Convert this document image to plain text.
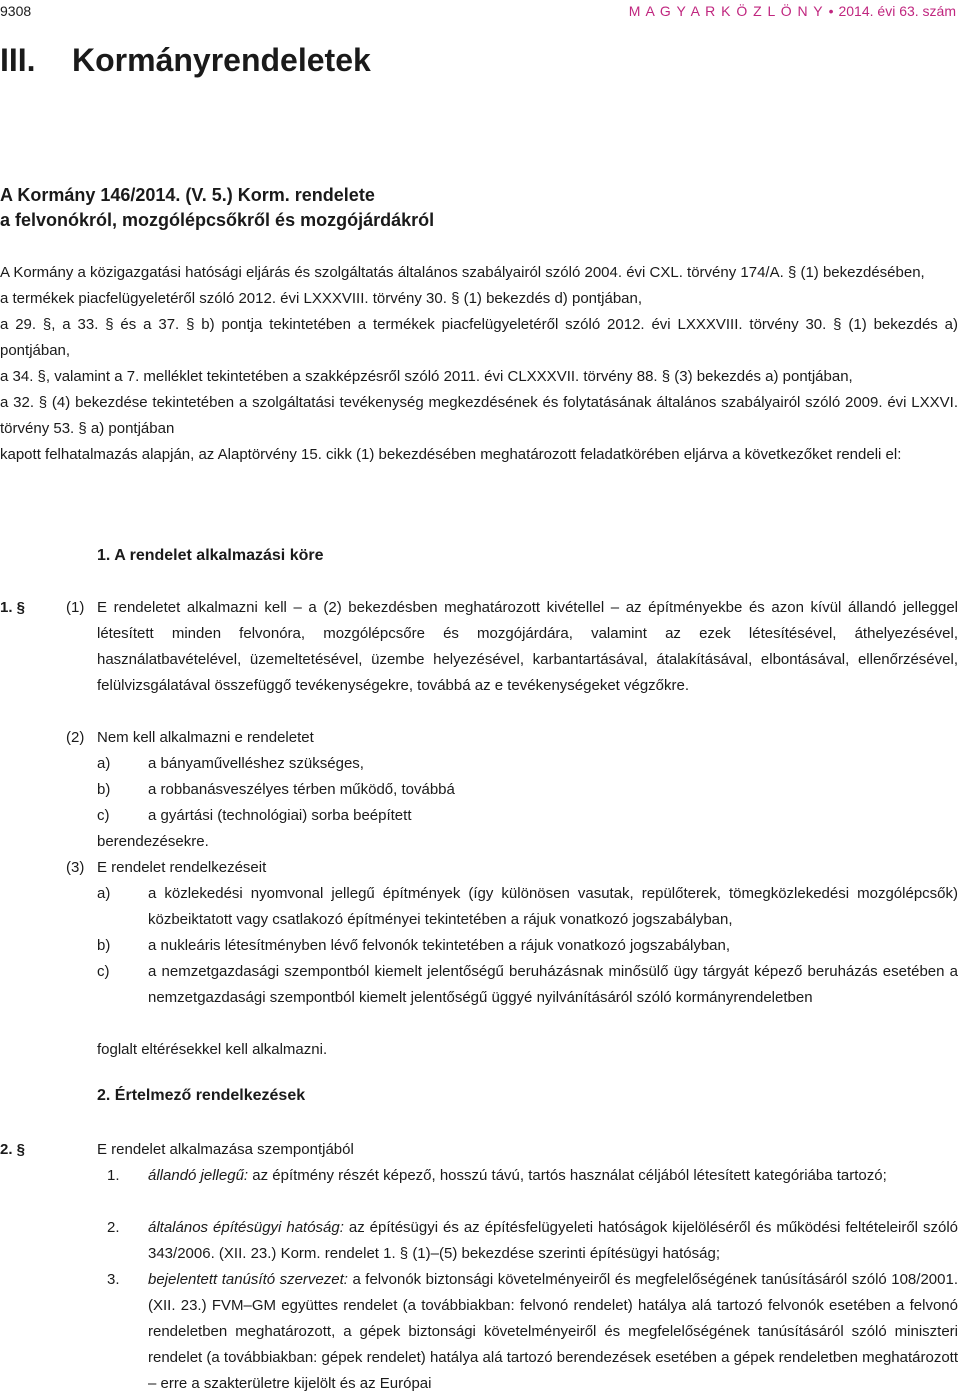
9308	M A G Y A R K Ö Z L Ö N Y • 2014. évi 63. szám
III. Kormányrendeletek
A Kormány 146/2014. (V. 5.) Korm. rendelete
a felvonókról, mozgólépcsőkről és mozgójárdákról

A Kormány a közigazgatási hatósági eljárás és szolgáltatás általános szabályairól szóló 2004. évi CXL. törvény 174/A. § (1) bekezdésében,

a termékek piacfelügyeletéről szóló 2012. évi LXXXVIII. törvény 30. § (1) bekezdés d) pontjában,

a 29. §, a 33. § és a 37. § b) pontja tekintetében a termékek piacfelügyeletéről szóló 2012. évi LXXXVIII. törvény 30. § (1) bekezdés a) pontjában,

a 34. §, valamint a 7. melléklet tekintetében a szakképzésről szóló 2011. évi CLXXXVII. törvény 88. § (3) bekezdés a) pontjában,

a 32. § (4) bekezdése tekintetében a szolgáltatási tevékenység megkezdésének és folytatásának általános szabályairól szóló 2009. évi LXXVI. törvény 53. § a) pontjában

kapott felhatalmazás alapján, az Alaptörvény 15. cikk (1) bekezdésében meghatározott feladatkörében eljárva a következőket rendeli el:

1. A rendelet alkalmazási köre
1. §	(1) E rendeletet alkalmazni kell – a (2) bekezdésben meghatározott kivétellel – az építményekbe és azon kívül állandó jelleggel létesített minden felvonóra, mozgólépcsőre és mozgójárdára, valamint az ezek létesítésével, áthelyezésével, használatbavételével, üzemeltetésével, üzembe helyezésével, karbantartásával, átalakításával, elbontásával, ellenőrzésével, felülvizsgálatával összefüggő tevékenységekre, továbbá az e tevékenységeket végzőkre.
(2) Nem kell alkalmazni e rendeletet
a)	a bányaművelléshez szükséges,
b)	a robbanásveszélyes térben működő, továbbá
c)	a gyártási (technológiai) sorba beépített
berendezésekre.
(3) E rendelet rendelkezéseit
a)	a közlekedési nyomvonal jellegű építmények (így különösen vasutak, repülőterek, tömegközlekedési mozgólépcsők) közbeiktatott vagy csatlakozó építményei tekintetében a rájuk vonatkozó jogszabályban,
b)	a nukleáris létesítményben lévő felvonók tekintetében a rájuk vonatkozó jogszabályban,
c)	a nemzetgazdasági szempontból kiemelt jelentőségű beruházásnak minősülő ügy tárgyát képező beruházás esetében a nemzetgazdasági szempontból kiemelt jelentőségű üggyé nyilvánításáról szóló kormányrendeletben
foglalt eltérésekkel kell alkalmazni.
2. Értelmező rendelkezések
2. §	E rendelet alkalmazása szempontjából
1. állandó jellegű: az építmény részét képező, hosszú távú, tartós használat céljából létesített kategóriába tartozó;
2. általános építésügyi hatóság: az építésügyi és az építésfelügyeleti hatóságok kijelöléséről és működési feltételeiről szóló 343/2006. (XII. 23.) Korm. rendelet 1. § (1)–(5) bekezdése szerinti építésügyi hatóság;
3. bejelentett tanúsító szervezet: a felvonók biztonsági követelményeiről és megfelelőségének tanúsításáról szóló 108/2001. (XII. 23.) FVM–GM együttes rendelet (a továbbiakban: felvonó rendelet) hatálya alá tartozó felvonók esetében a felvonó rendeletben meghatározott, a gépek biztonsági követelményeiről és megfelelőségének tanúsításáról szóló miniszteri rendelet (a továbbiakban: gépek rendelet) hatálya alá tartozó berendezések esetében a gépek rendeletben meghatározott – erre a szakterületre kijelölt és az Európai
